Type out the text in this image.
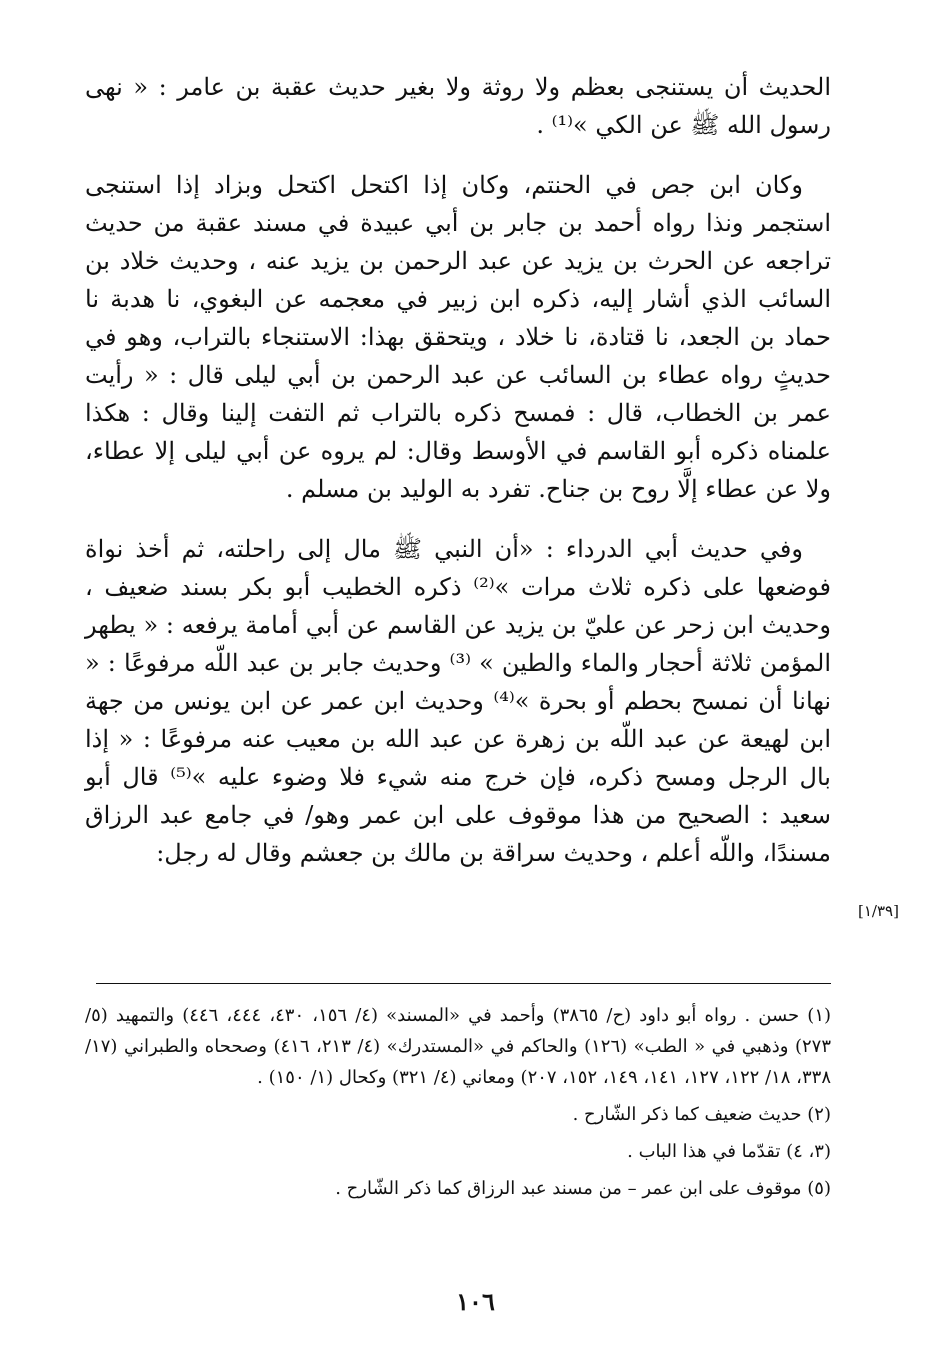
الحديث أن يستنجى بعظم ولا روثة ولا بغير حديث عقبة بن عامر : « نهى رسول الله ﷺ عن الكي »⁽¹⁾ .

وكان ابن جص في الحنتم، وكان إذا اكتحل اكتحل وبزاد إذا استنجى استجمر ونذا رواه أحمد بن جابر بن أبي عبيدة في مسند عقبة من حديث تراجعه عن الحرث بن يزيد عن عبد الرحمن بن يزيد عنه ، وحديث خلاد بن السائب الذي أشار إليه، ذكره ابن زبير في معجمه عن البغوي، نا هدبة نا حماد بن الجعد، نا قتادة، نا خلاد ، ويتحقق بهذا: الاستنجاء بالتراب، وهو في حديثٍ رواه عطاء بن السائب عن عبد الرحمن بن أبي ليلى قال : « رأيت عمر بن الخطاب، قال : فمسح ذكره بالتراب ثم التفت إلينا وقال : هكذا علمناه ذكره أبو القاسم في الأوسط وقال: لم يروه عن أبي ليلى إلا عطاء، ولا عن عطاء إلَّا روح بن جناح. تفرد به الوليد بن مسلم .

وفي حديث أبي الدرداء : «أن النبي ﷺ مال إلى راحلته، ثم أخذ نواة فوضعها على ذكره ثلاث مرات »⁽²⁾ ذكره الخطيب أبو بكر بسند ضعيف ، وحديث ابن زحر عن عليّ بن يزيد عن القاسم عن أبي أمامة يرفعه : « يطهر المؤمن ثلاثة أحجار والماء والطين » ⁽³⁾ وحديث جابر بن عبد اللّه مرفوعًا : « نهانا أن نمسح بحطم أو بحرة »⁽⁴⁾ وحديث ابن عمر عن ابن يونس من جهة ابن لهيعة عن عبد اللّه بن زهرة عن عبد الله بن معيب عنه مرفوعًا : « إذا بال الرجل ومسح ذكره، فإن خرج منه شيء فلا وضوء عليه »⁽⁵⁾ قال أبو سعيد : الصحيح من هذا موقوف على ابن عمر وهو/ في جامع عبد الرزاق مسندًا، واللّه أعلم ، وحديث سراقة بن مالك بن جعشم وقال له رجل:

[١/٣٩]

(١) حسن . رواه أبو داود (ح/ ٣٨٦٥) وأحمد في «المسند» (٤/ ١٥٦، ٤٣٠، ٤٤٤، ٤٤٦) والتمهيد (٥/ ٢٧٣) وذهبي في « الطب» (١٢٦) والحاكم في «المستدرك» (٤/ ٢١٣، ٤١٦) وصححاه والطبراني (١٧/ ٣٣٨، ١٨/ ١٢٢، ١٢٧، ١٤١، ١٤٩، ١٥٢، ٢٠٧) ومعاني (٤/ ٣٢١) وكحال (١/ ١٥٠) .

(٢) حديث ضعيف كما ذكر الشّارح .

(٣، ٤) تقدّما في هذا الباب .

(٥) موقوف على ابن عمر – من مسند عبد الرزاق كما ذكر الشّارح .

١٠٦
